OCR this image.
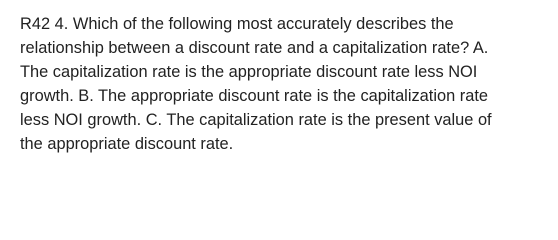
R42 4. Which of the following most accurately describes the
relationship between a discount rate and a capitalization rate? A.
The capitalization rate is the appropriate discount rate less NOI
growth. B. The appropriate discount rate is the capitalization rate
less NOI growth. C. The capitalization rate is the present value of
the appropriate discount rate.
